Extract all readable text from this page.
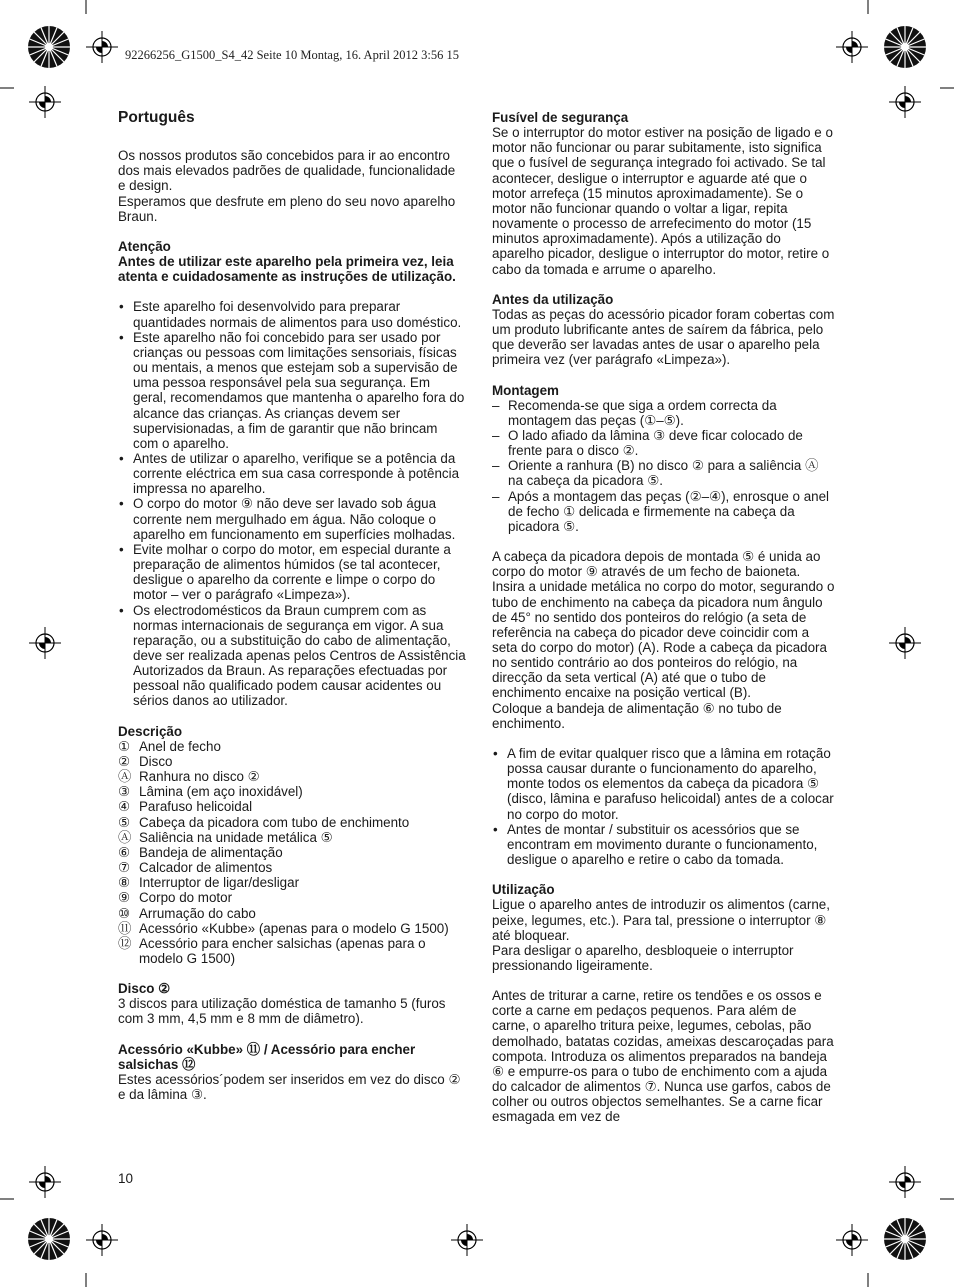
92266256_G1500_S4_42 Seite 10 Montag, 16. April 2012 3:56 15
Português

Os nossos produtos são concebidos para ir ao encontro dos mais elevados padrões de qualidade, funcionalidade e design.

Esperamos que desfrute em pleno do seu novo aparelho Braun.

Atenção

Antes de utilizar este aparelho pela primeira vez, leia atenta e cuidadosamente as instruções de utilização.

• Este aparelho foi desenvolvido para preparar quantidades normais de alimentos para uso doméstico.
• Este aparelho não foi concebido para ser usado por crianças ou pessoas com limitações sensoriais, físicas ou mentais, a menos que estejam sob a supervisão de uma pessoa responsável pela sua segurança. Em geral, recomendamos que mantenha o aparelho fora do alcance das crianças. As crianças devem ser supervisionadas, a fim de garantir que não brincam com o aparelho.
• Antes de utilizar o aparelho, verifique se a potência da corrente eléctrica em sua casa corresponde à potência impressa no aparelho.
• O corpo do motor ⑨ não deve ser lavado sob água corrente nem mergulhado em água. Não coloque o aparelho em funcionamento em superfícies molhadas.
• Evite molhar o corpo do motor, em especial durante a preparação de alimentos húmidos (se tal acontecer, desligue o aparelho da corrente e limpe o corpo do motor – ver o parágrafo «Limpeza»).
• Os electrodomésticos da Braun cumprem com as normas internacionais de segurança em vigor. A sua reparação, ou a substituição do cabo de alimentação, deve ser realizada apenas pelos Centros de Assistência Autorizados da Braun. As reparações efectuadas por pessoal não qualificado podem causar acidentes ou sérios danos ao utilizador.

Descrição

① Anel de fecho
② Disco
Ⓐ Ranhura no disco ②
③ Lâmina (em aço inoxidável)
④ Parafuso helicoidal
⑤ Cabeça da picadora com tubo de enchimento
Ⓐ Saliência na unidade metálica ⑤
⑥ Bandeja de alimentação
⑦ Calcador de alimentos
⑧ Interruptor de ligar/desligar
⑨ Corpo do motor
⑩ Arrumação do cabo
⑪ Acessório «Kubbe» (apenas para o modelo G 1500)
⑫ Acessório para encher salsichas (apenas para o modelo G 1500)

Disco ②

3 discos para utilização doméstica de tamanho 5 (furos com 3 mm, 4,5 mm e 8 mm de diâmetro).

Acessório «Kubbe» ⑪ / Acessório para encher salsichas ⑫

Estes acessórios´podem ser inseridos em vez do disco ② e da lâmina ③.

Fusível de segurança

Se o interruptor do motor estiver na posição de ligado e o motor não funcionar ou parar subitamente, isto significa que o fusível de segurança integrado foi activado. Se tal acontecer, desligue o interruptor e aguarde até que o motor arrefeça (15 minutos aproximadamente). Se o motor não funcionar quando o voltar a ligar, repita novamente o processo de arrefecimento do motor (15 minutos aproximadamente). Após a utilização do aparelho picador, desligue o interruptor do motor, retire o cabo da tomada e arrume o aparelho.

Antes da utilização

Todas as peças do acessório picador foram cobertas com um produto lubrificante antes de saírem da fábrica, pelo que deverão ser lavadas antes de usar o aparelho pela primeira vez (ver parágrafo «Limpeza»).

Montagem

– Recomenda-se que siga a ordem correcta da montagem das peças (①–⑤).
– O lado afiado da lâmina ③ deve ficar colocado de frente para o disco ②.
– Oriente a ranhura (B) no disco ② para a saliência Ⓐ na cabeça da picadora ⑤.
– Após a montagem das peças (②–④), enrosque o anel de fecho ① delicada e firmemente na cabeça da picadora ⑤.

A cabeça da picadora depois de montada ⑤ é unida ao corpo do motor ⑨ através de um fecho de baioneta. Insira a unidade metálica no corpo do motor, segurando o tubo de enchimento na cabeça da picadora num ângulo de 45° no sentido dos ponteiros do relógio (a seta de referência na cabeça do picador deve coincidir com a seta do corpo do motor) (A). Rode a cabeça da picadora no sentido contrário ao dos ponteiros do relógio, na direcção da seta vertical (A) até que o tubo de enchimento encaixe na posição vertical (B).

Coloque a bandeja de alimentação ⑥ no tubo de enchimento.

• A fim de evitar qualquer risco que a lâmina em rotação possa causar durante o funcionamento do aparelho, monte todos os elementos da cabeça da picadora ⑤ (disco, lâmina e parafuso helicoidal) antes de a colocar no corpo do motor.
• Antes de montar / substituir os acessórios que se encontram em movimento durante o funcionamento, desligue o aparelho e retire o cabo da tomada.

Utilização

Ligue o aparelho antes de introduzir os alimentos (carne, peixe, legumes, etc.). Para tal, pressione o interruptor ⑧ até bloquear.

Para desligar o aparelho, desbloqueie o interruptor pressionando ligeiramente.

Antes de triturar a carne, retire os tendões e os ossos e corte a carne em pedaços pequenos. Para além de carne, o aparelho tritura peixe, legumes, cebolas, pão demolhado, batatas cozidas, ameixas descaroçadas para compota. Introduza os alimentos preparados na bandeja ⑥ e empurre-os para o tubo de enchimento com a ajuda do calcador de alimentos ⑦. Nunca use garfos, cabos de colher ou outros objectos semelhantes. Se a carne ficar esmagada em vez de

10
